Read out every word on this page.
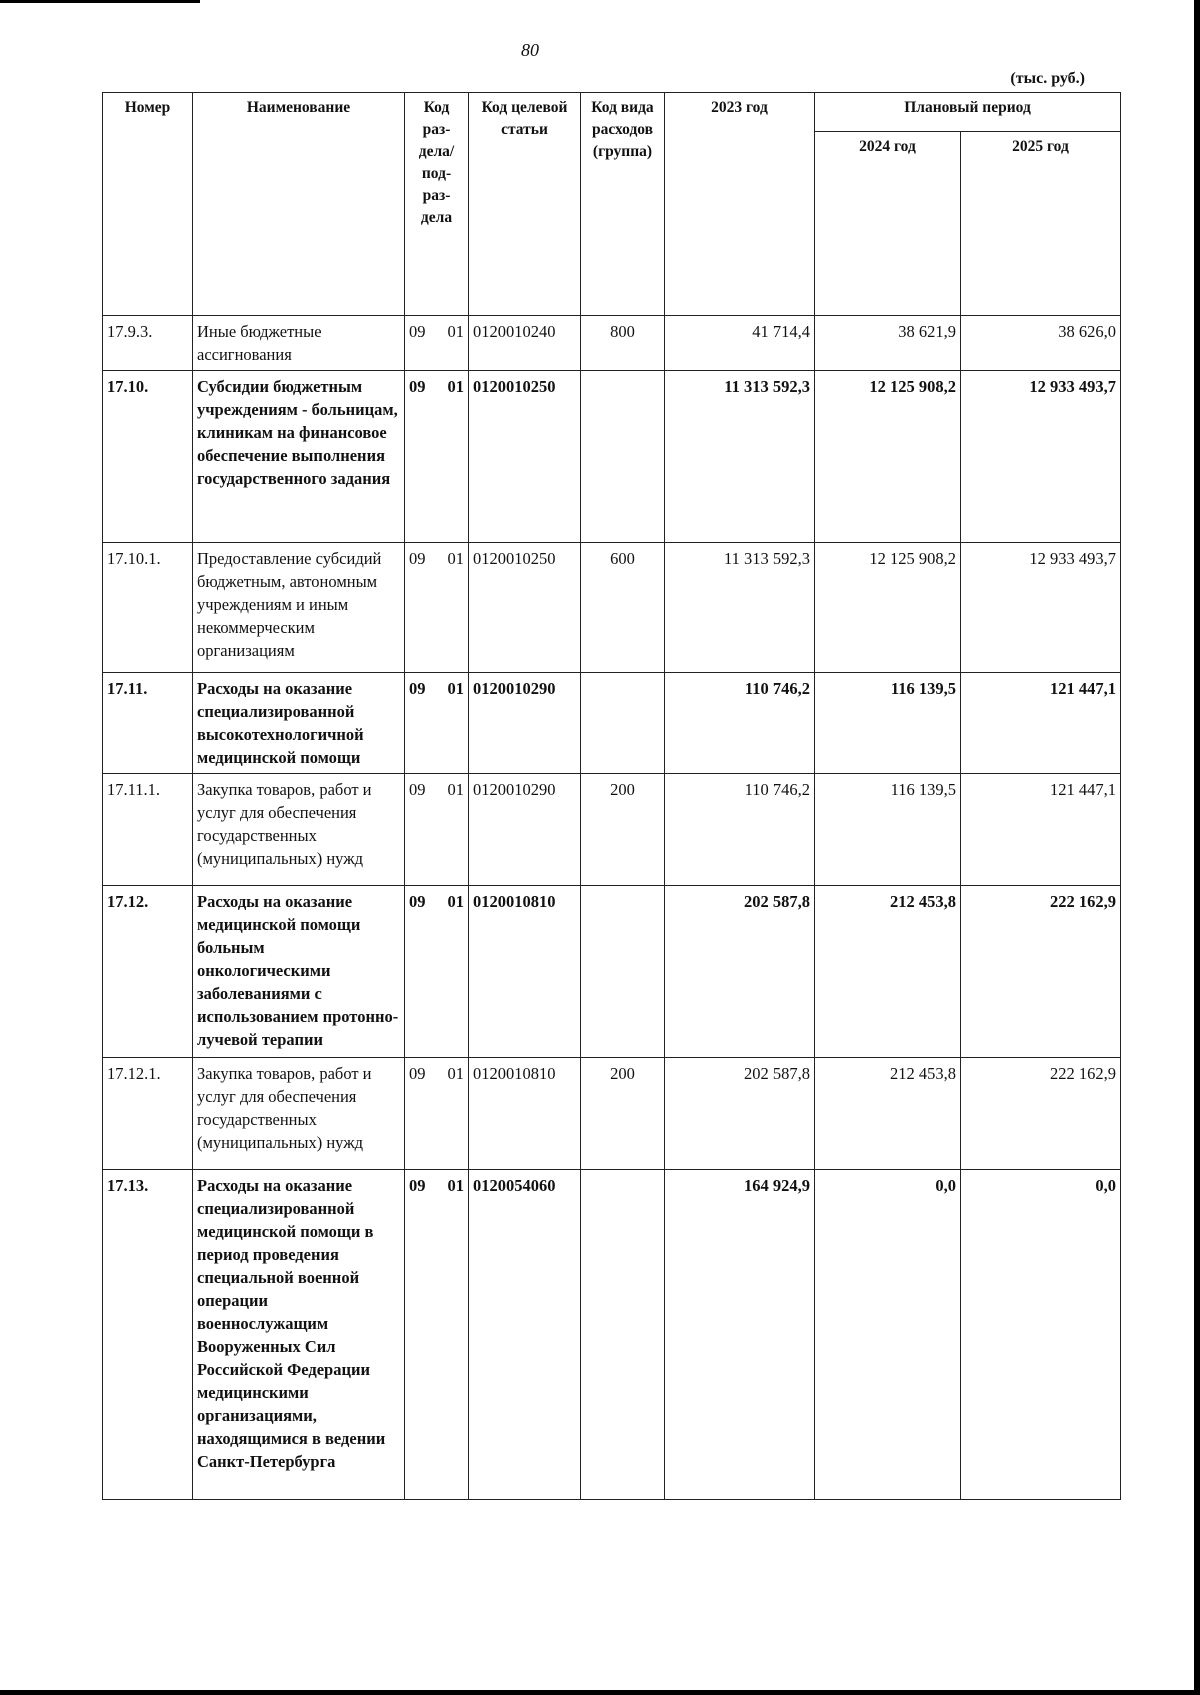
80
(тыс. руб.)
Номер	Наименование	Код раз-дела/ под-раз-дела	Код целевой статьи	Код вида расходов (группа)	2023 год	Плановый период	
						2024 год	2025 год
17.9.3.	Иные бюджетные ассигнования	09 01	0120010240	800	41 714,4	38 621,9	38 626,0
17.10.	Субсидии бюджетным учреждениям - больницам, клиникам на финансовое обеспечение выполнения государственного задания	09 01	0120010250		11 313 592,3	12 125 908,2	12 933 493,7
17.10.1.	Предоставление субсидий бюджетным, автономным учреждениям и иным некоммерческим организациям	09 01	0120010250	600	11 313 592,3	12 125 908,2	12 933 493,7
17.11.	Расходы на оказание специализированной высокотехнологичной медицинской помощи	09 01	0120010290		110 746,2	116 139,5	121 447,1
17.11.1.	Закупка товаров, работ и услуг для обеспечения государственных (муниципальных) нужд	09 01	0120010290	200	110 746,2	116 139,5	121 447,1
17.12.	Расходы на оказание медицинской помощи больным онкологическими заболеваниями с использованием протонно-лучевой терапии	09 01	0120010810		202 587,8	212 453,8	222 162,9
17.12.1.	Закупка товаров, работ и услуг для обеспечения государственных (муниципальных) нужд	09 01	0120010810	200	202 587,8	212 453,8	222 162,9
17.13.	Расходы на оказание специализированной медицинской помощи в период проведения специальной военной операции военнослужащим Вооруженных Сил Российской Федерации медицинскими организациями, находящимися в ведении Санкт-Петербурга	09 01	0120054060		164 924,9	0,0	0,0
